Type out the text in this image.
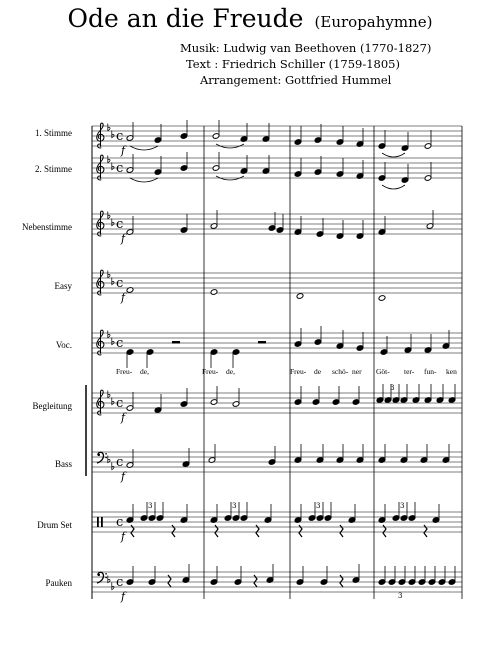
Ode an die Freude (Europahymne)
Musik: Ludwig van Beethoven (1770-1827)
Text : Friedrich Schiller (1759-1805)
Arrangement: Gottfried Hummel
1. Stimme
2. Stimme
Nebenstimme
Easy
Voc.
Begleitung
Bass
Drum Set
Pauken
Freu- de,	Freu- de,	Freu- de schö- ner Göt- ter- fun- ken
c
c
c
c
c
c
c
c
c
f
f
f
f
f
f
f
3
3	3	3	3
3
